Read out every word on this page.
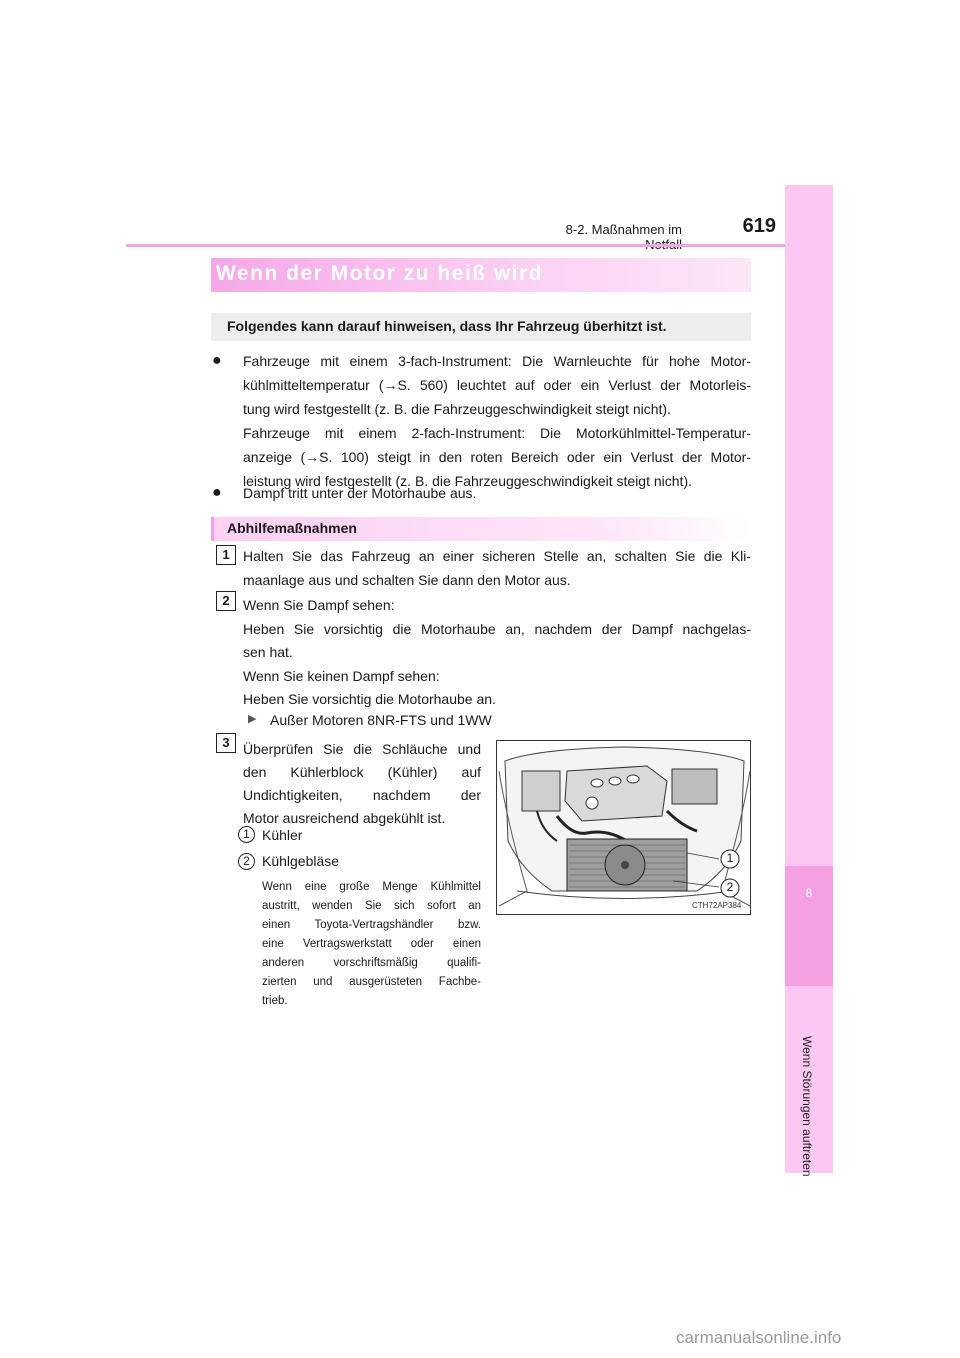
8-2. Maßnahmen im	619
8
Wenn Störungen auftreten
Wenn der Motor zu heiß wird
Folgendes kann darauf hinweisen, dass Ihr Fahrzeug überhitzt ist.
● Fahrzeuge mit einem 3-fach-Instrument: Die Warnleuchte für hohe Motor-
kühlmitteltemperatur (→S. 560) leuchtet auf oder ein Verlust der Motorleis-
tung wird festgestellt (z. B. die Fahrzeuggeschwindigkeit steigt nicht).
Fahrzeuge mit einem 2-fach-Instrument: Die Motorkühlmittel-Temperatur-
anzeige (→S. 100) steigt in den roten Bereich oder ein Verlust der Motor-
leistung wird festgestellt (z. B. die Fahrzeuggeschwindigkeit steigt nicht).
● Dampf tritt unter der Motorhaube aus.
Abhilfemaßnahmen
1 Halten Sie das Fahrzeug an einer sicheren Stelle an, schalten Sie die Kli-
maanlage aus und schalten Sie dann den Motor aus.
2 Wenn Sie Dampf sehen:
Heben Sie vorsichtig die Motorhaube an, nachdem der Dampf nachgelas-
sen hat.
Wenn Sie keinen Dampf sehen:
Heben Sie vorsichtig die Motorhaube an.
▶ Außer Motoren 8NR-FTS und 1WW
3 Überprüfen Sie die Schläuche und
den Kühlerblock (Kühler) auf
Undichtigkeiten, nachdem der
Motor ausreichend abgekühlt ist.
1 Kühler
2 Kühlgebläse
Wenn eine große Menge Kühlmittel
austritt, wenden Sie sich sofort an
einen Toyota-Vertragshändler bzw.
eine Vertragswerkstatt oder einen
anderen vorschriftsmäßig qualifi-
zierten und ausgerüsteten Fachbe-
trieb.
1
2
CTH72AP384
carmanualsonline.info
